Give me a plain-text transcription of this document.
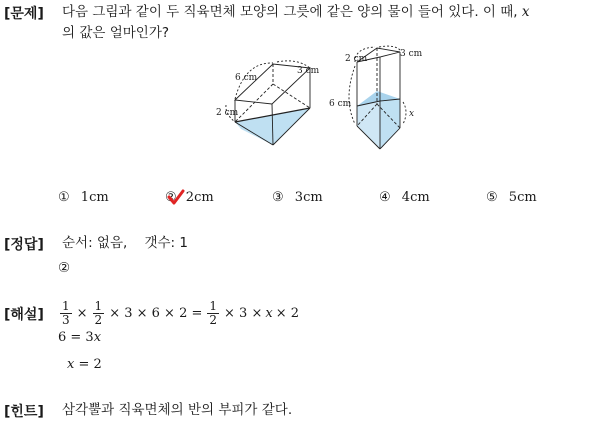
[문제] 다음 그림과 같이 두 직육면체 모양의 그릇에 같은 양의 물이 들어 있다. 이 때, x
의 값은 얼마인가?
6 cm
3 cm
2 cm
2 cm	3 cm
6 cm
x
① 1cm	② 2cm	③ 3cm	④ 4cm	⑤ 5cm
[정답] 순서: 없음,    갯수: 1
②
[해설] $\frac{1}{3} \times \frac{1}{2} \times 3 \times 6 \times 2 = \frac{1}{2} \times 3 \times x \times 2$
6 = 3x
x = 2
[힌트] 삼각뿔과 직육면체의 반의 부피가 같다.
